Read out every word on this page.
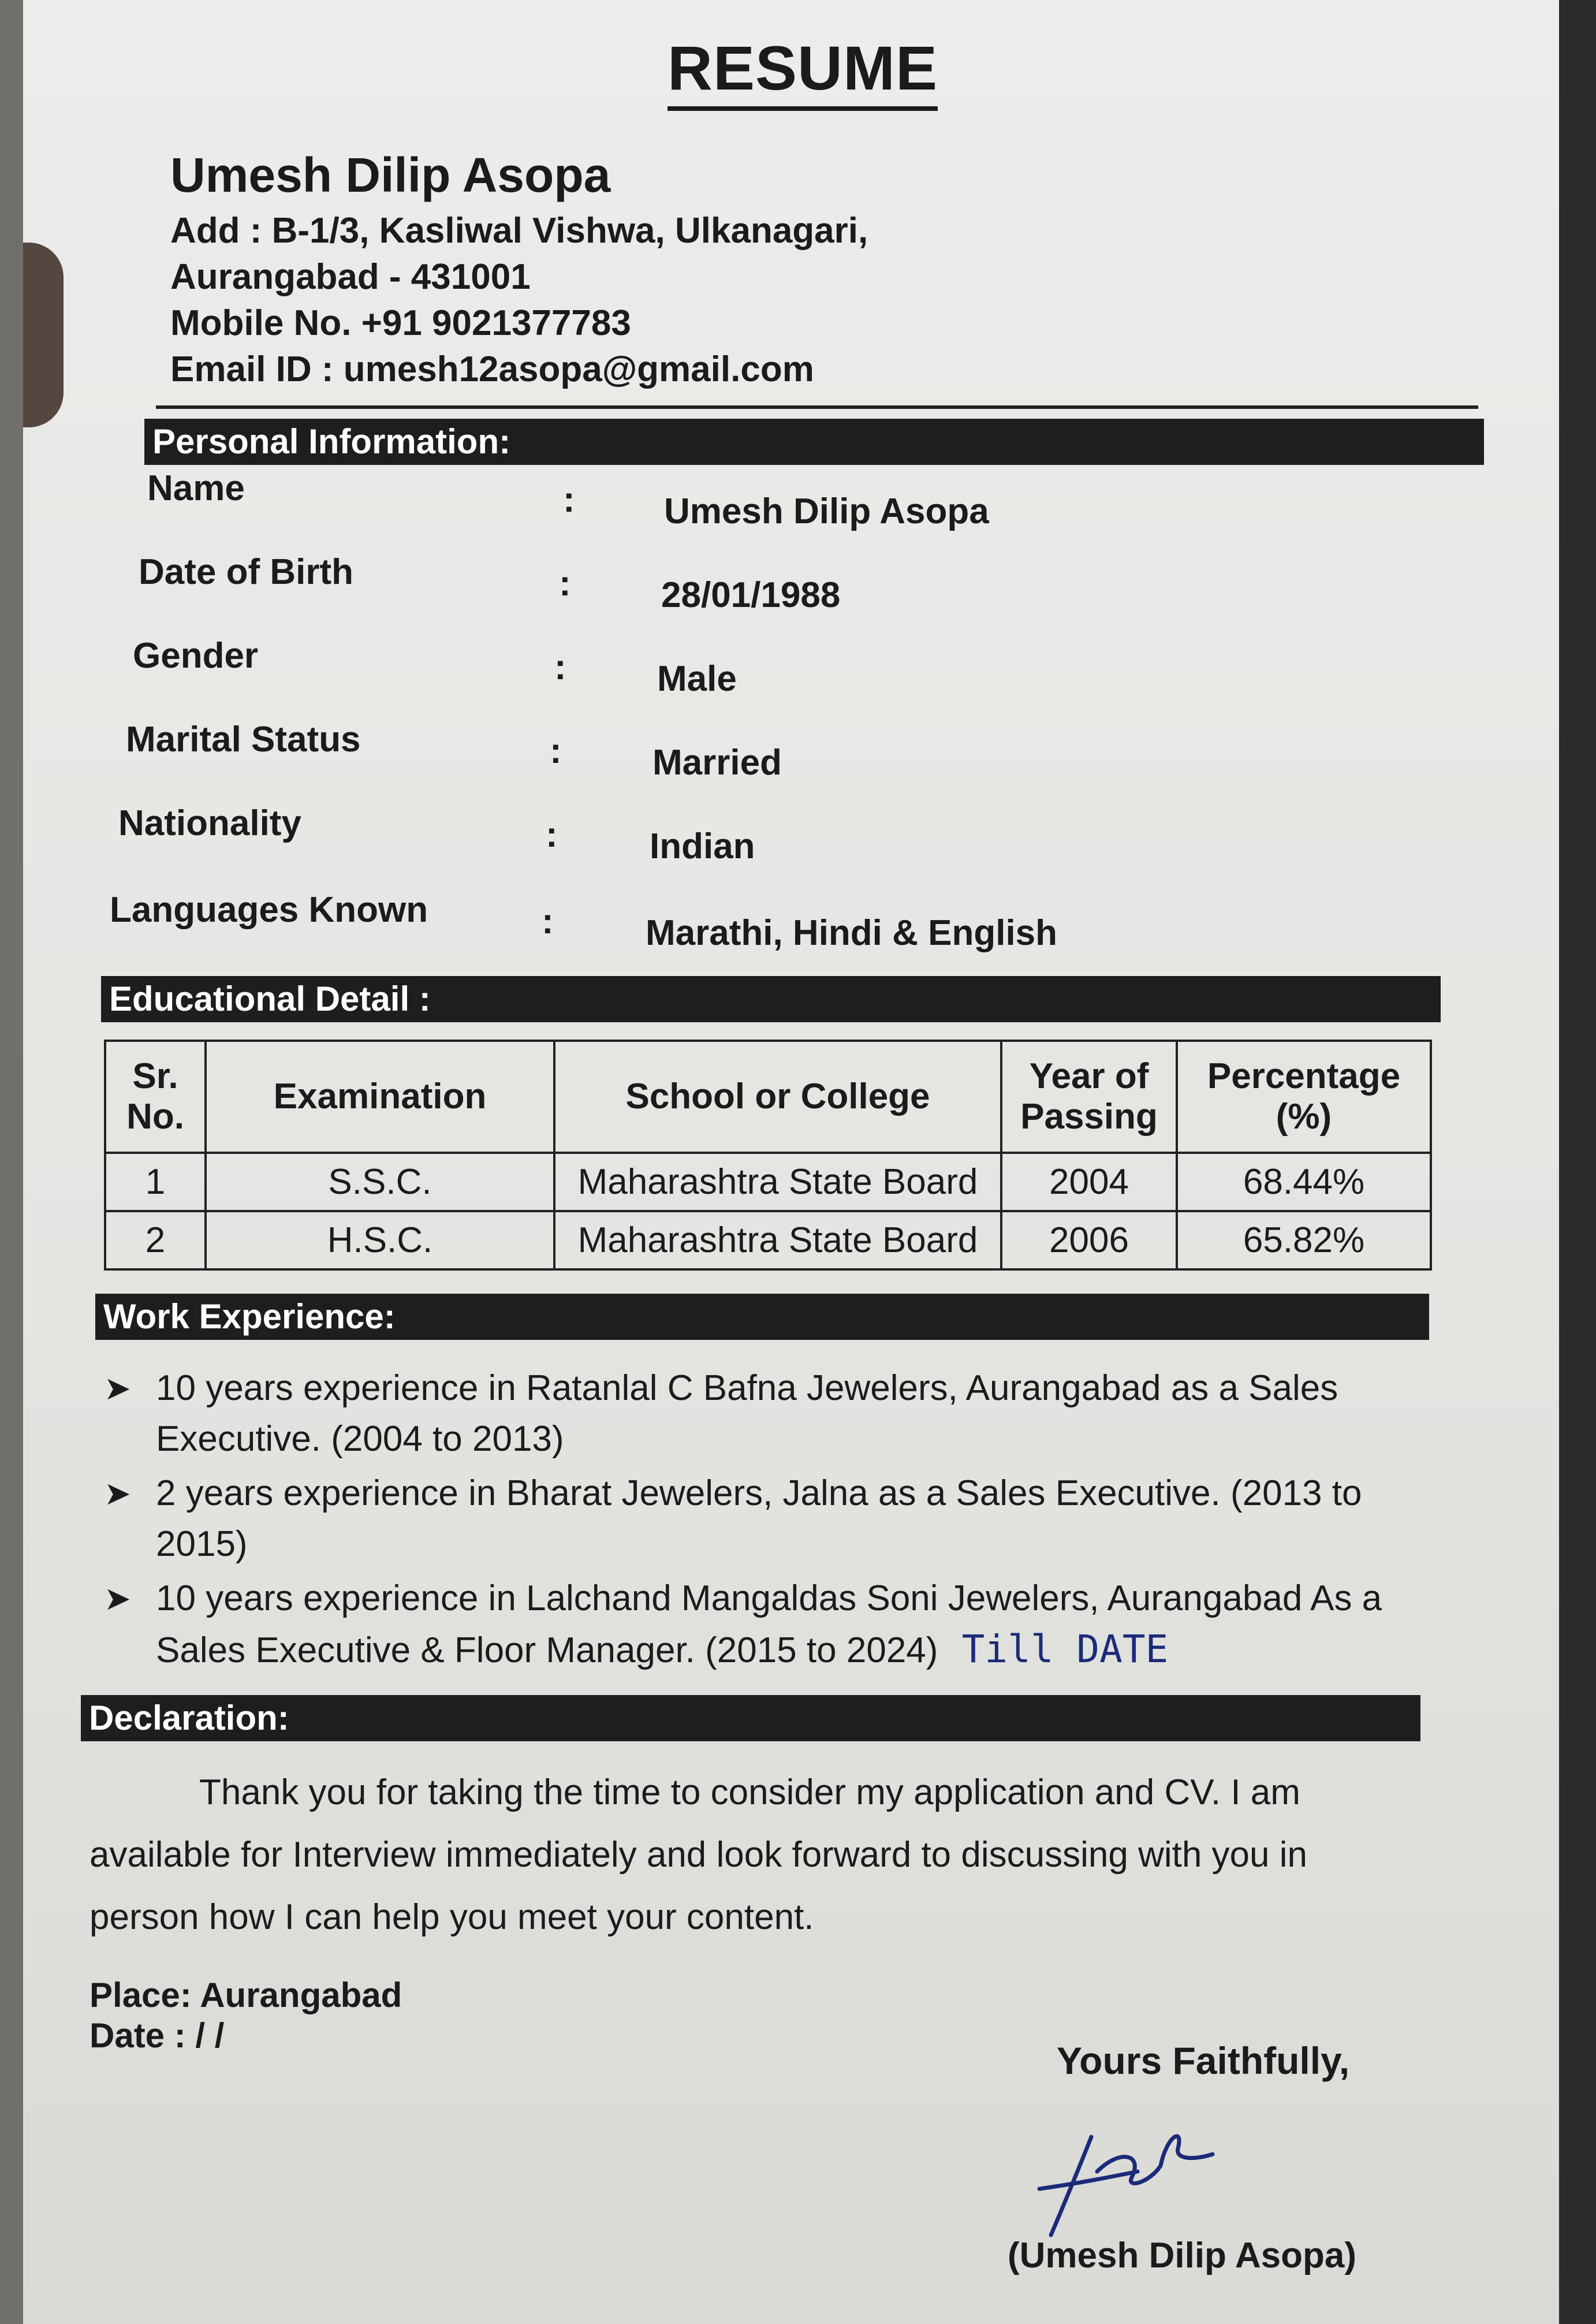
RESUME
Umesh Dilip Asopa
Add : B-1/3, Kasliwal Vishwa, Ulkanagari,
Aurangabad - 431001
Mobile No. +91 9021377783
Email ID : umesh12asopa@gmail.com
Personal Information:
Name	: Umesh Dilip Asopa
Date of Birth	:	28/01/1988
Gender	:	Male
Marital Status	:	Married
Nationality	:	Indian
Languages Known	:	Marathi, Hindi & English
Educational Detail :
Sr. No.	Examination	School or College	Year of Passing	Percentage (%)
1	S.S.C.	Maharashtra State Board	2004	68.44%
2	H.S.C.	Maharashtra State Board	2006	65.82%
Work Experience:
➤ 10 years experience in Ratanlal C Bafna Jewelers, Aurangabad as a Sales Executive. (2004 to 2013)
➤ 2 years experience in Bharat Jewelers, Jalna as a Sales Executive. (2013 to 2015)
➤ 10 years experience in Lalchand Mangaldas Soni Jewelers, Aurangabad As a Sales Executive & Floor Manager. (2015 to 2024) Till DATE
Declaration:
Thank you for taking the time to consider my application and CV. I am available for Interview immediately and look forward to discussing with you in person how I can help you meet your content.
Place: Aurangabad
Date : / /
Yours Faithfully,
(Umesh Dilip Asopa)
